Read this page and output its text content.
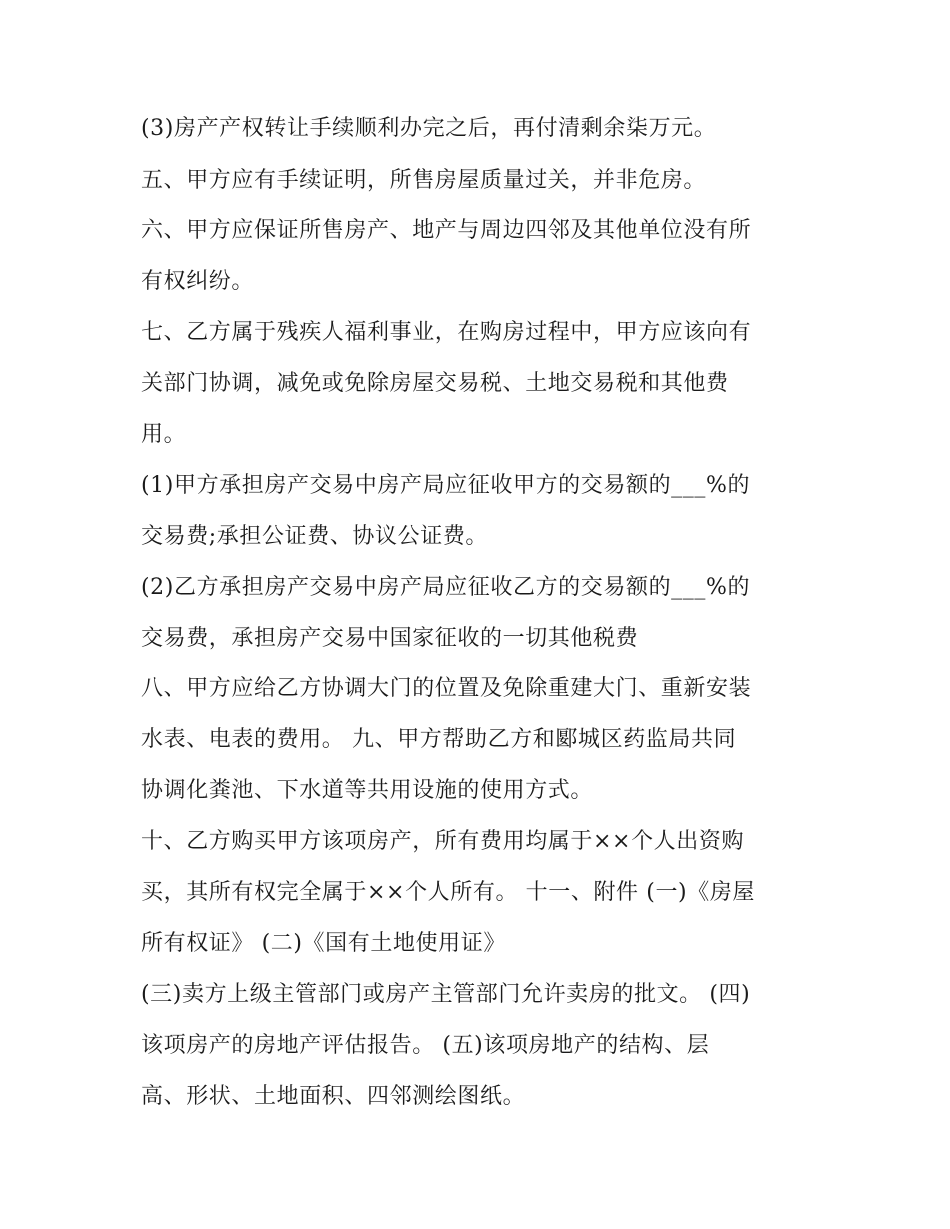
(3)房产产权转让手续顺利办完之后，再付清剩余柒万元。
五、甲方应有手续证明，所售房屋质量过关，并非危房。
六、甲方应保证所售房产、地产与周边四邻及其他单位没有所
有权纠纷。
七、乙方属于残疾人福利事业，在购房过程中，甲方应该向有
关部门协调，减免或免除房屋交易税、土地交易税和其他费
用。
(1)甲方承担房产交易中房产局应征收甲方的交易额的___%的
交易费;承担公证费、协议公证费。
(2)乙方承担房产交易中房产局应征收乙方的交易额的___%的
交易费，承担房产交易中国家征收的一切其他税费
八、甲方应给乙方协调大门的位置及免除重建大门、重新安装
水表、电表的费用。 九、甲方帮助乙方和郾城区药监局共同
协调化粪池、下水道等共用设施的使用方式。
十、乙方购买甲方该项房产，所有费用均属于××个人出资购
买，其所有权完全属于××个人所有。 十一、附件 (一)《房屋
所有权证》 (二)《国有土地使用证》
(三)卖方上级主管部门或房产主管部门允许卖房的批文。 (四)
该项房产的房地产评估报告。 (五)该项房地产的结构、层
高、形状、土地面积、四邻测绘图纸。
